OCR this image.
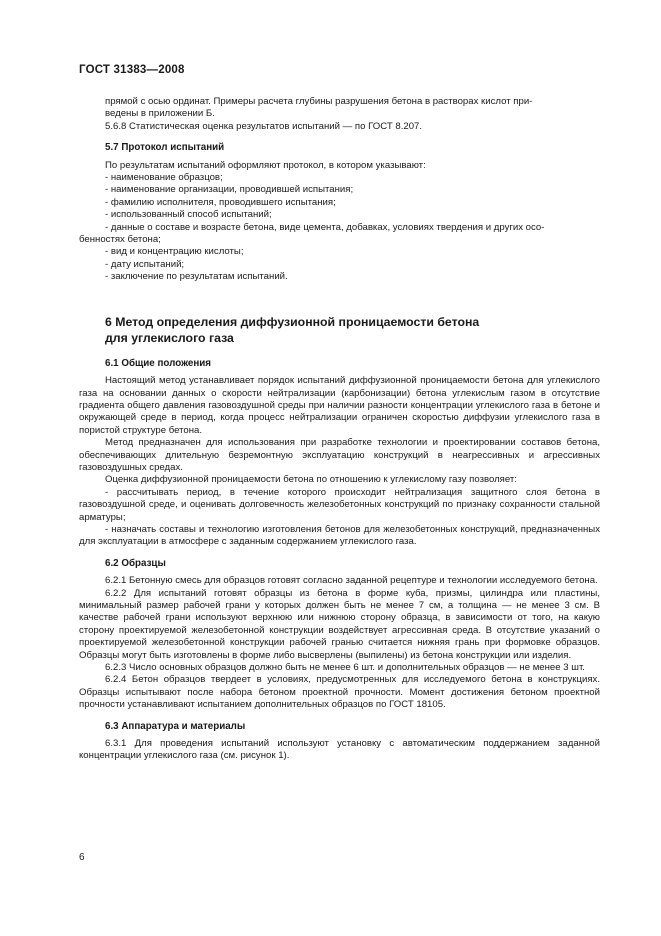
ГОСТ 31383—2008

прямой с осью ординат. Примеры расчета глубины разрушения бетона в растворах кислот при-

ведены в приложении Б.

5.6.8 Статистическая оценка результатов испытаний — по ГОСТ 8.207.

5.7 Протокол испытаний

По результатам испытаний оформляют протокол, в котором указывают:

- наименование образцов;

- наименование организации, проводившей испытания;

- фамилию исполнителя, проводившего испытания;

- использованный способ испытаний;

- данные о составе и возрасте бетона, виде цемента, добавках, условиях твердения и других осо-

бенностях бетона;

- вид и концентрацию кислоты;

- дату испытаний;

- заключение по результатам испытаний.

6 Метод определения диффузионной проницаемости бетона
для углекислого газа
6.1 Общие положения

Настоящий метод устанавливает порядок испытаний диффузионной проницаемости бетона для углекислого газа на основании данных о скорости нейтрализации (карбонизации) бетона углекислым газом в отсутствие градиента общего давления газовоздушной среды при наличии разности концентрации углекислого газа в бетоне и окружающей среде в период, когда процесс нейтрализации ограничен скоростью диффузии углекислого газа в пористой структуре бетона.

Метод предназначен для использования при разработке технологии и проектировании составов бетона, обеспечивающих длительную безремонтную эксплуатацию конструкций в неагрессивных и агрессивных газовоздушных средах.

Оценка диффузионной проницаемости бетона по отношению к углекислому газу позволяет:

- рассчитывать период, в течение которого происходит нейтрализация защитного слоя бетона в газовоздушной среде, и оценивать долговечность железобетонных конструкций по признаку сохранности стальной арматуры;

- назначать составы и технологию изготовления бетонов для железобетонных конструкций, предназначенных для эксплуатации в атмосфере с заданным содержанием углекислого газа.

6.2 Образцы

6.2.1 Бетонную смесь для образцов готовят согласно заданной рецептуре и технологии исследуемого бетона.

6.2.2 Для испытаний готовят образцы из бетона в форме куба, призмы, цилиндра или пластины, минимальный размер рабочей грани у которых должен быть не менее 7 см, а толщина — не менее 3 см. В качестве рабочей грани используют верхнюю или нижнюю сторону образца, в зависимости от того, на какую сторону проектируемой железобетонной конструкции воздействует агрессивная среда. В отсутствие указаний о проектируемой железобетонной конструкции рабочей гранью считается нижняя грань при формовке образцов. Образцы могут быть изготовлены в форме либо высверлены (выпилены) из бетона конструкции или изделия.

6.2.3 Число основных образцов должно быть не менее 6 шт. и дополнительных образцов — не менее 3 шт.

6.2.4 Бетон образцов твердеет в условиях, предусмотренных для исследуемого бетона в конструкциях. Образцы испытывают после набора бетоном проектной прочности. Момент достижения бетоном проектной прочности устанавливают испытанием дополнительных образцов по ГОСТ 18105.

6.3 Аппаратура и материалы

6.3.1 Для проведения испытаний используют установку с автоматическим поддержанием заданной концентрации углекислого газа (см. рисунок 1).

6
